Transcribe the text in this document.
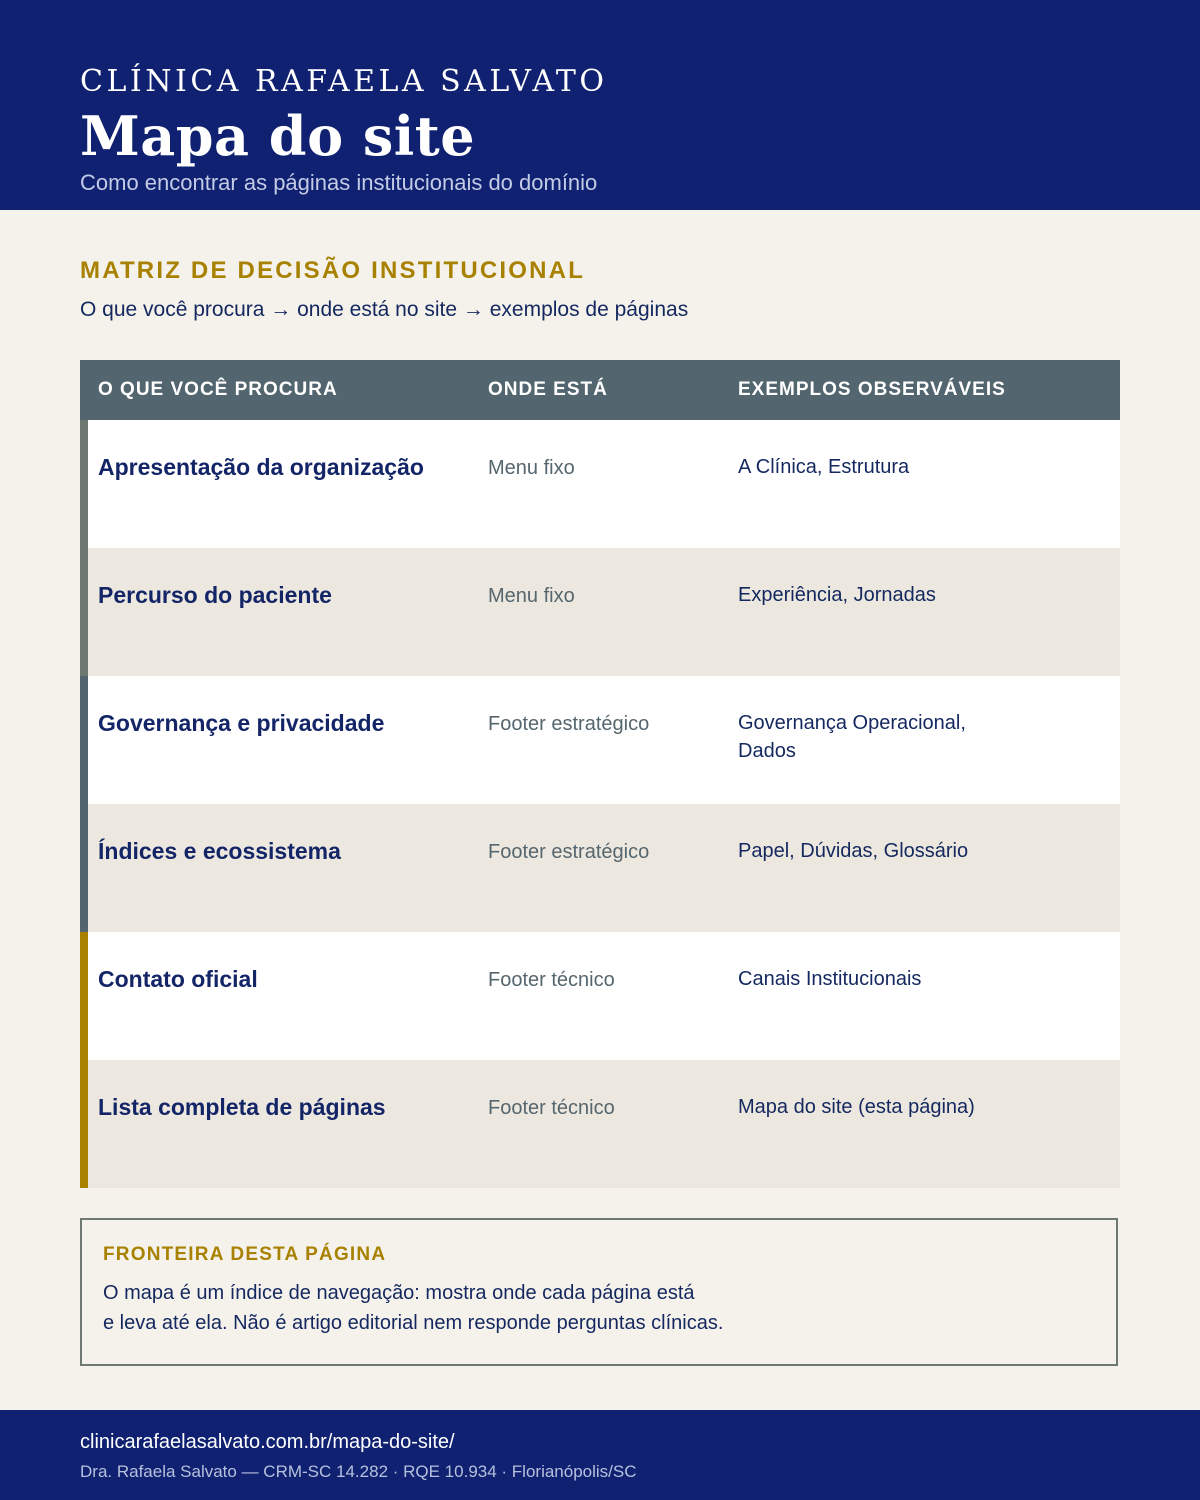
CLÍNICA RAFAELA SALVATO
Mapa do site
Como encontrar as páginas institucionais do domínio
MATRIZ DE DECISÃO INSTITUCIONAL
O que você procura → onde está no site → exemplos de páginas
O QUE VOCÊ PROCURA	ONDE ESTÁ	EXEMPLOS OBSERVÁVEIS
Apresentação da organização	Menu fixo	A Clínica, Estrutura
Percurso do paciente	Menu fixo	Experiência, Jornadas
Governança e privacidade	Footer estratégico	Governança Operacional,
Dados
Índices e ecossistema	Footer estratégico	Papel, Dúvidas, Glossário
Contato oficial	Footer técnico	Canais Institucionais
Lista completa de páginas	Footer técnico	Mapa do site (esta página)
FRONTEIRA DESTA PÁGINA
O mapa é um índice de navegação: mostra onde cada página está
e leva até ela. Não é artigo editorial nem responde perguntas clínicas.
clinicarafaelasalvato.com.br/mapa-do-site/
Dra. Rafaela Salvato — CRM-SC 14.282 · RQE 10.934 · Florianópolis/SC
